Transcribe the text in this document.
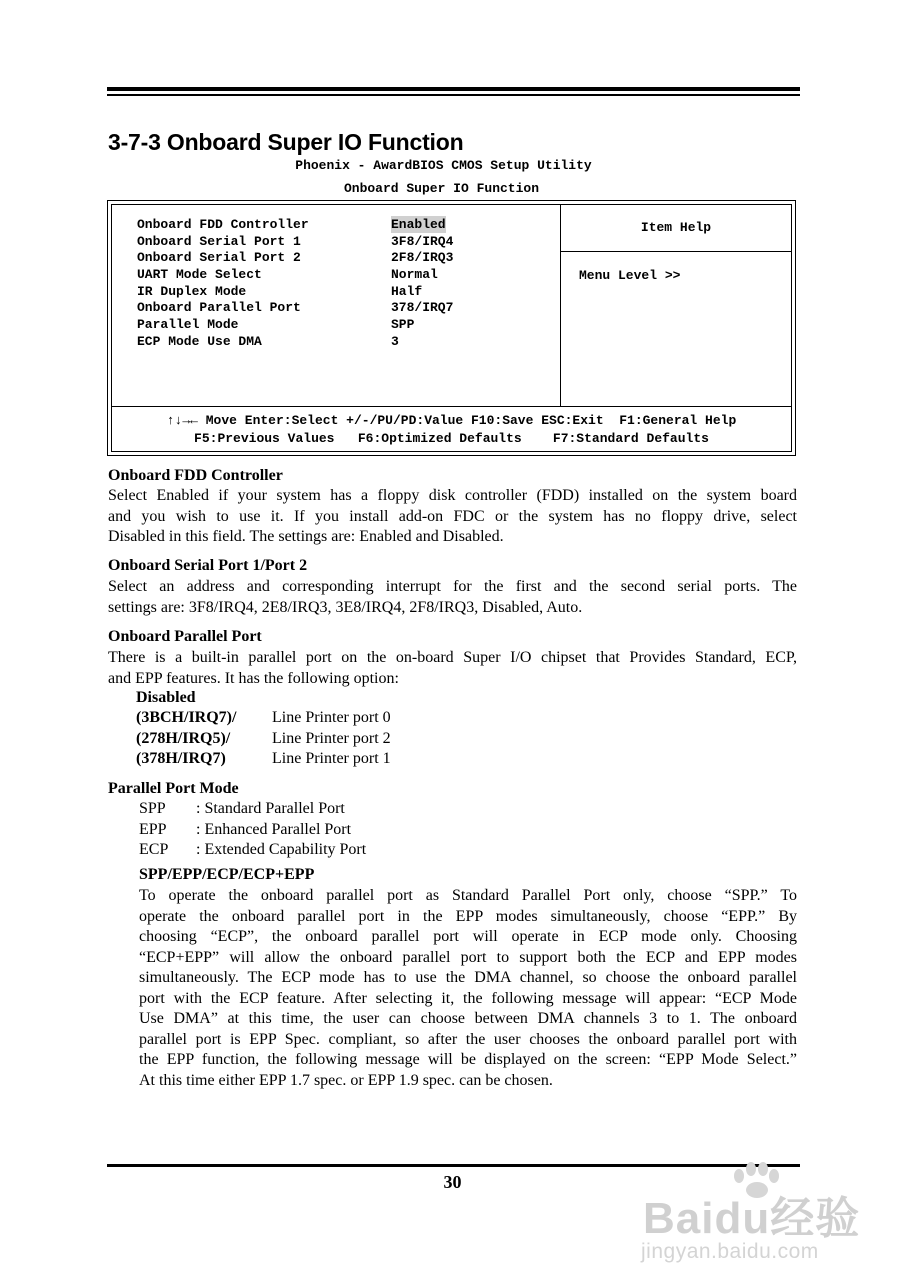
3-7-3 Onboard Super IO Function
Phoenix - AwardBIOS CMOS Setup Utility
Onboard Super IO Function
Onboard FDD Controller	Enabled
Onboard Serial Port 1	3F8/IRQ4
Onboard Serial Port 2	2F8/IRQ3
UART Mode Select	Normal
IR Duplex Mode	Half
Onboard Parallel Port	378/IRQ7
Parallel Mode	SPP
ECP Mode Use DMA	3
Item Help
Menu Level >>
↑↓→← Move Enter:Select +/-/PU/PD:Value F10:Save ESC:Exit  F1:General Help
F5:Previous Values   F6:Optimized Defaults    F7:Standard Defaults
Onboard FDD Controller
Select Enabled if your system has a floppy disk controller (FDD) installed on the system board
and you wish to use it. If you install add-on FDC or the system has no floppy drive, select
Disabled in this field. The settings are: Enabled and Disabled.
Onboard Serial Port 1/Port 2
Select an address and corresponding interrupt for the first and the second serial ports. The
settings are: 3F8/IRQ4, 2E8/IRQ3, 3E8/IRQ4, 2F8/IRQ3, Disabled, Auto.
Onboard Parallel Port
There is a built-in parallel port on the on-board Super I/O chipset that Provides Standard, ECP,
and EPP features. It has the following option:
Disabled
(3BCH/IRQ7)/ Line Printer port 0
(278H/IRQ5)/	Line Printer port 2
(378H/IRQ7)	Line Printer port 1
Parallel Port Mode
SPP : Standard Parallel Port
EPP : Enhanced Parallel Port
ECP : Extended Capability Port
SPP/EPP/ECP/ECP+EPP
To operate the onboard parallel port as Standard Parallel Port only, choose “SPP.” To
operate the onboard parallel port in the EPP modes simultaneously, choose “EPP.” By
choosing “ECP”, the onboard parallel port will operate in ECP mode only. Choosing
“ECP+EPP” will allow the onboard parallel port to support both the ECP and EPP modes
simultaneously. The ECP mode has to use the DMA channel, so choose the onboard parallel
port with the ECP feature. After selecting it, the following message will appear: “ECP Mode
Use DMA” at this time, the user can choose between DMA channels 3 to 1. The onboard
parallel port is EPP Spec. compliant, so after the user chooses the onboard parallel port with
the EPP function, the following message will be displayed on the screen: “EPP Mode Select.”
At this time either EPP 1.7 spec. or EPP 1.9 spec. can be chosen.
30
Baidu经验
jingyan.baidu.com
